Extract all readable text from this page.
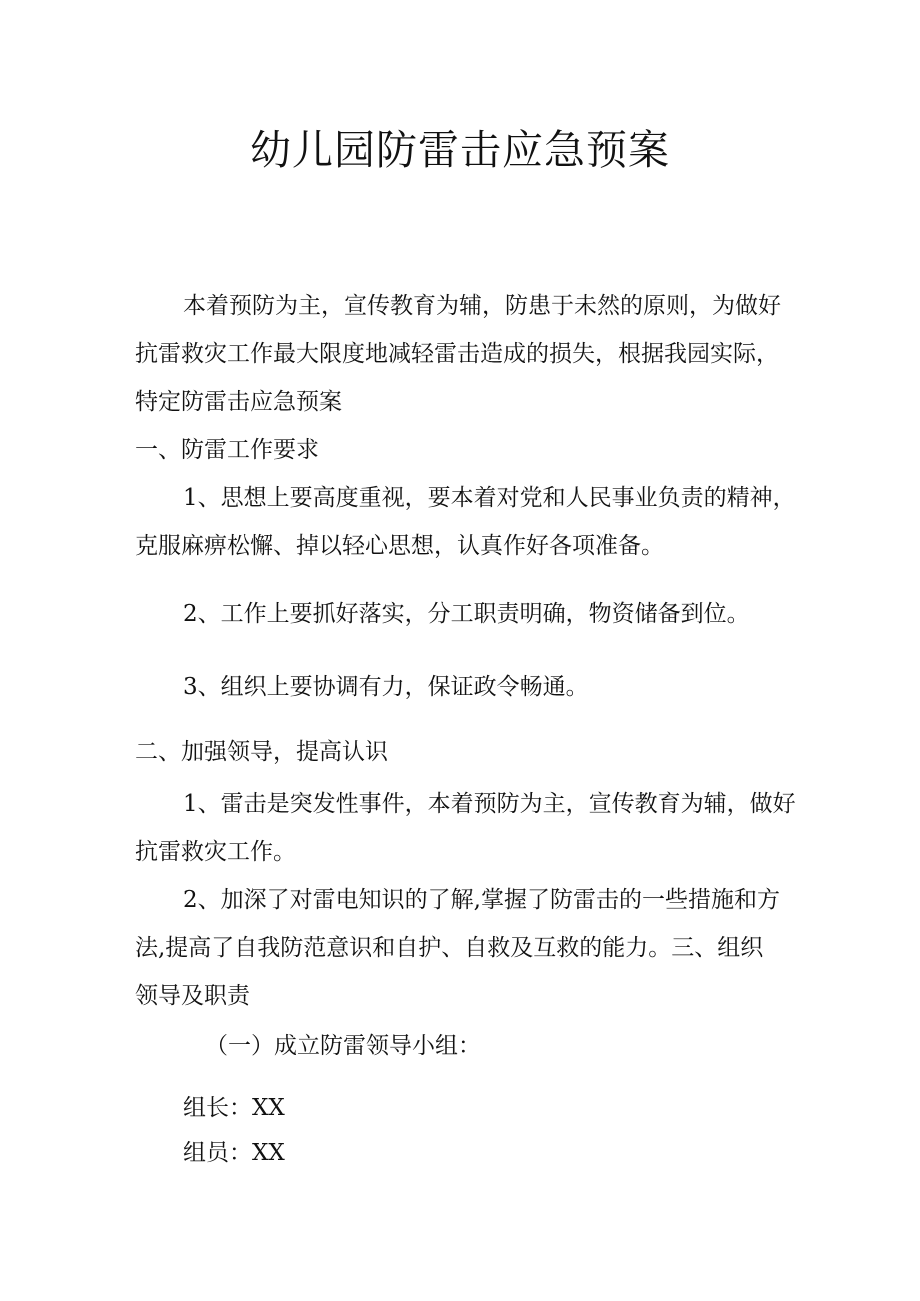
幼儿园防雷击应急预案
本着预防为主，宣传教育为辅，防患于未然的原则，为做好
抗雷救灾工作最大限度地减轻雷击造成的损失，根据我园实际，
特定防雷击应急预案
一、防雷工作要求
1、思想上要高度重视，要本着对党和人民事业负责的精神，
克服麻痹松懈、掉以轻心思想，认真作好各项准备。
2、工作上要抓好落实，分工职责明确，物资储备到位。
3、组织上要协调有力，保证政令畅通。
二、加强领导，提高认识
1、雷击是突发性事件，本着预防为主，宣传教育为辅，做好
抗雷救灾工作。
2、加深了对雷电知识的了解,掌握了防雷击的一些措施和方
法,提高了自我防范意识和自护、自救及互救的能力。三、组织
领导及职责
（一）成立防雷领导小组：
组长：XX
组员：XX
